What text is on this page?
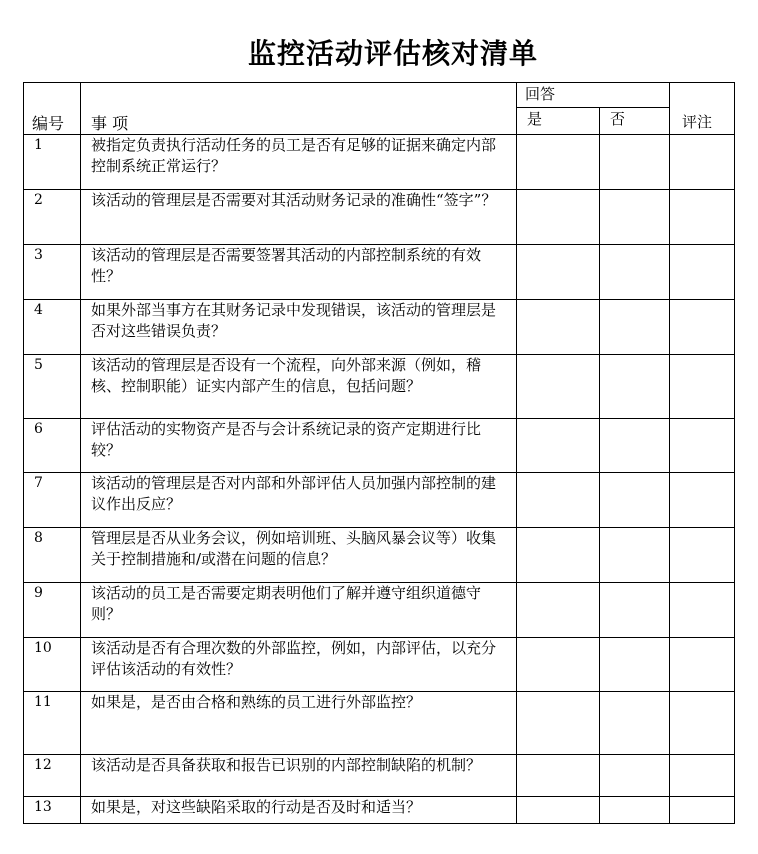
监控活动评估核对清单
编号	事 项	回答		评注
		是	否	
1	被指定负责执行活动任务的员工是否有足够的证据来确定内部控制系统正常运行？			
2	该活动的管理层是否需要对其活动财务记录的准确性“签字”？			
3	该活动的管理层是否需要签署其活动的内部控制系统的有效性？			
4	如果外部当事方在其财务记录中发现错误，该活动的管理层是否对这些错误负责？			
5	该活动的管理层是否设有一个流程，向外部来源（例如，稽核、控制职能）证实内部产生的信息，包括问题？			
6	评估活动的实物资产是否与会计系统记录的资产定期进行比较？			
7	该活动的管理层是否对内部和外部评估人员加强内部控制的建议作出反应？			
8	管理层是否从业务会议，例如培训班、头脑风暴会议等）收集关于控制措施和/或潜在问题的信息？			
9	该活动的员工是否需要定期表明他们了解并遵守组织道德守则？			
10	该活动是否有合理次数的外部监控，例如，内部评估，以充分评估该活动的有效性？			
11	如果是，是否由合格和熟练的员工进行外部监控？			
12	该活动是否具备获取和报告已识别的内部控制缺陷的机制？			
13	如果是，对这些缺陷采取的行动是否及时和适当？			
